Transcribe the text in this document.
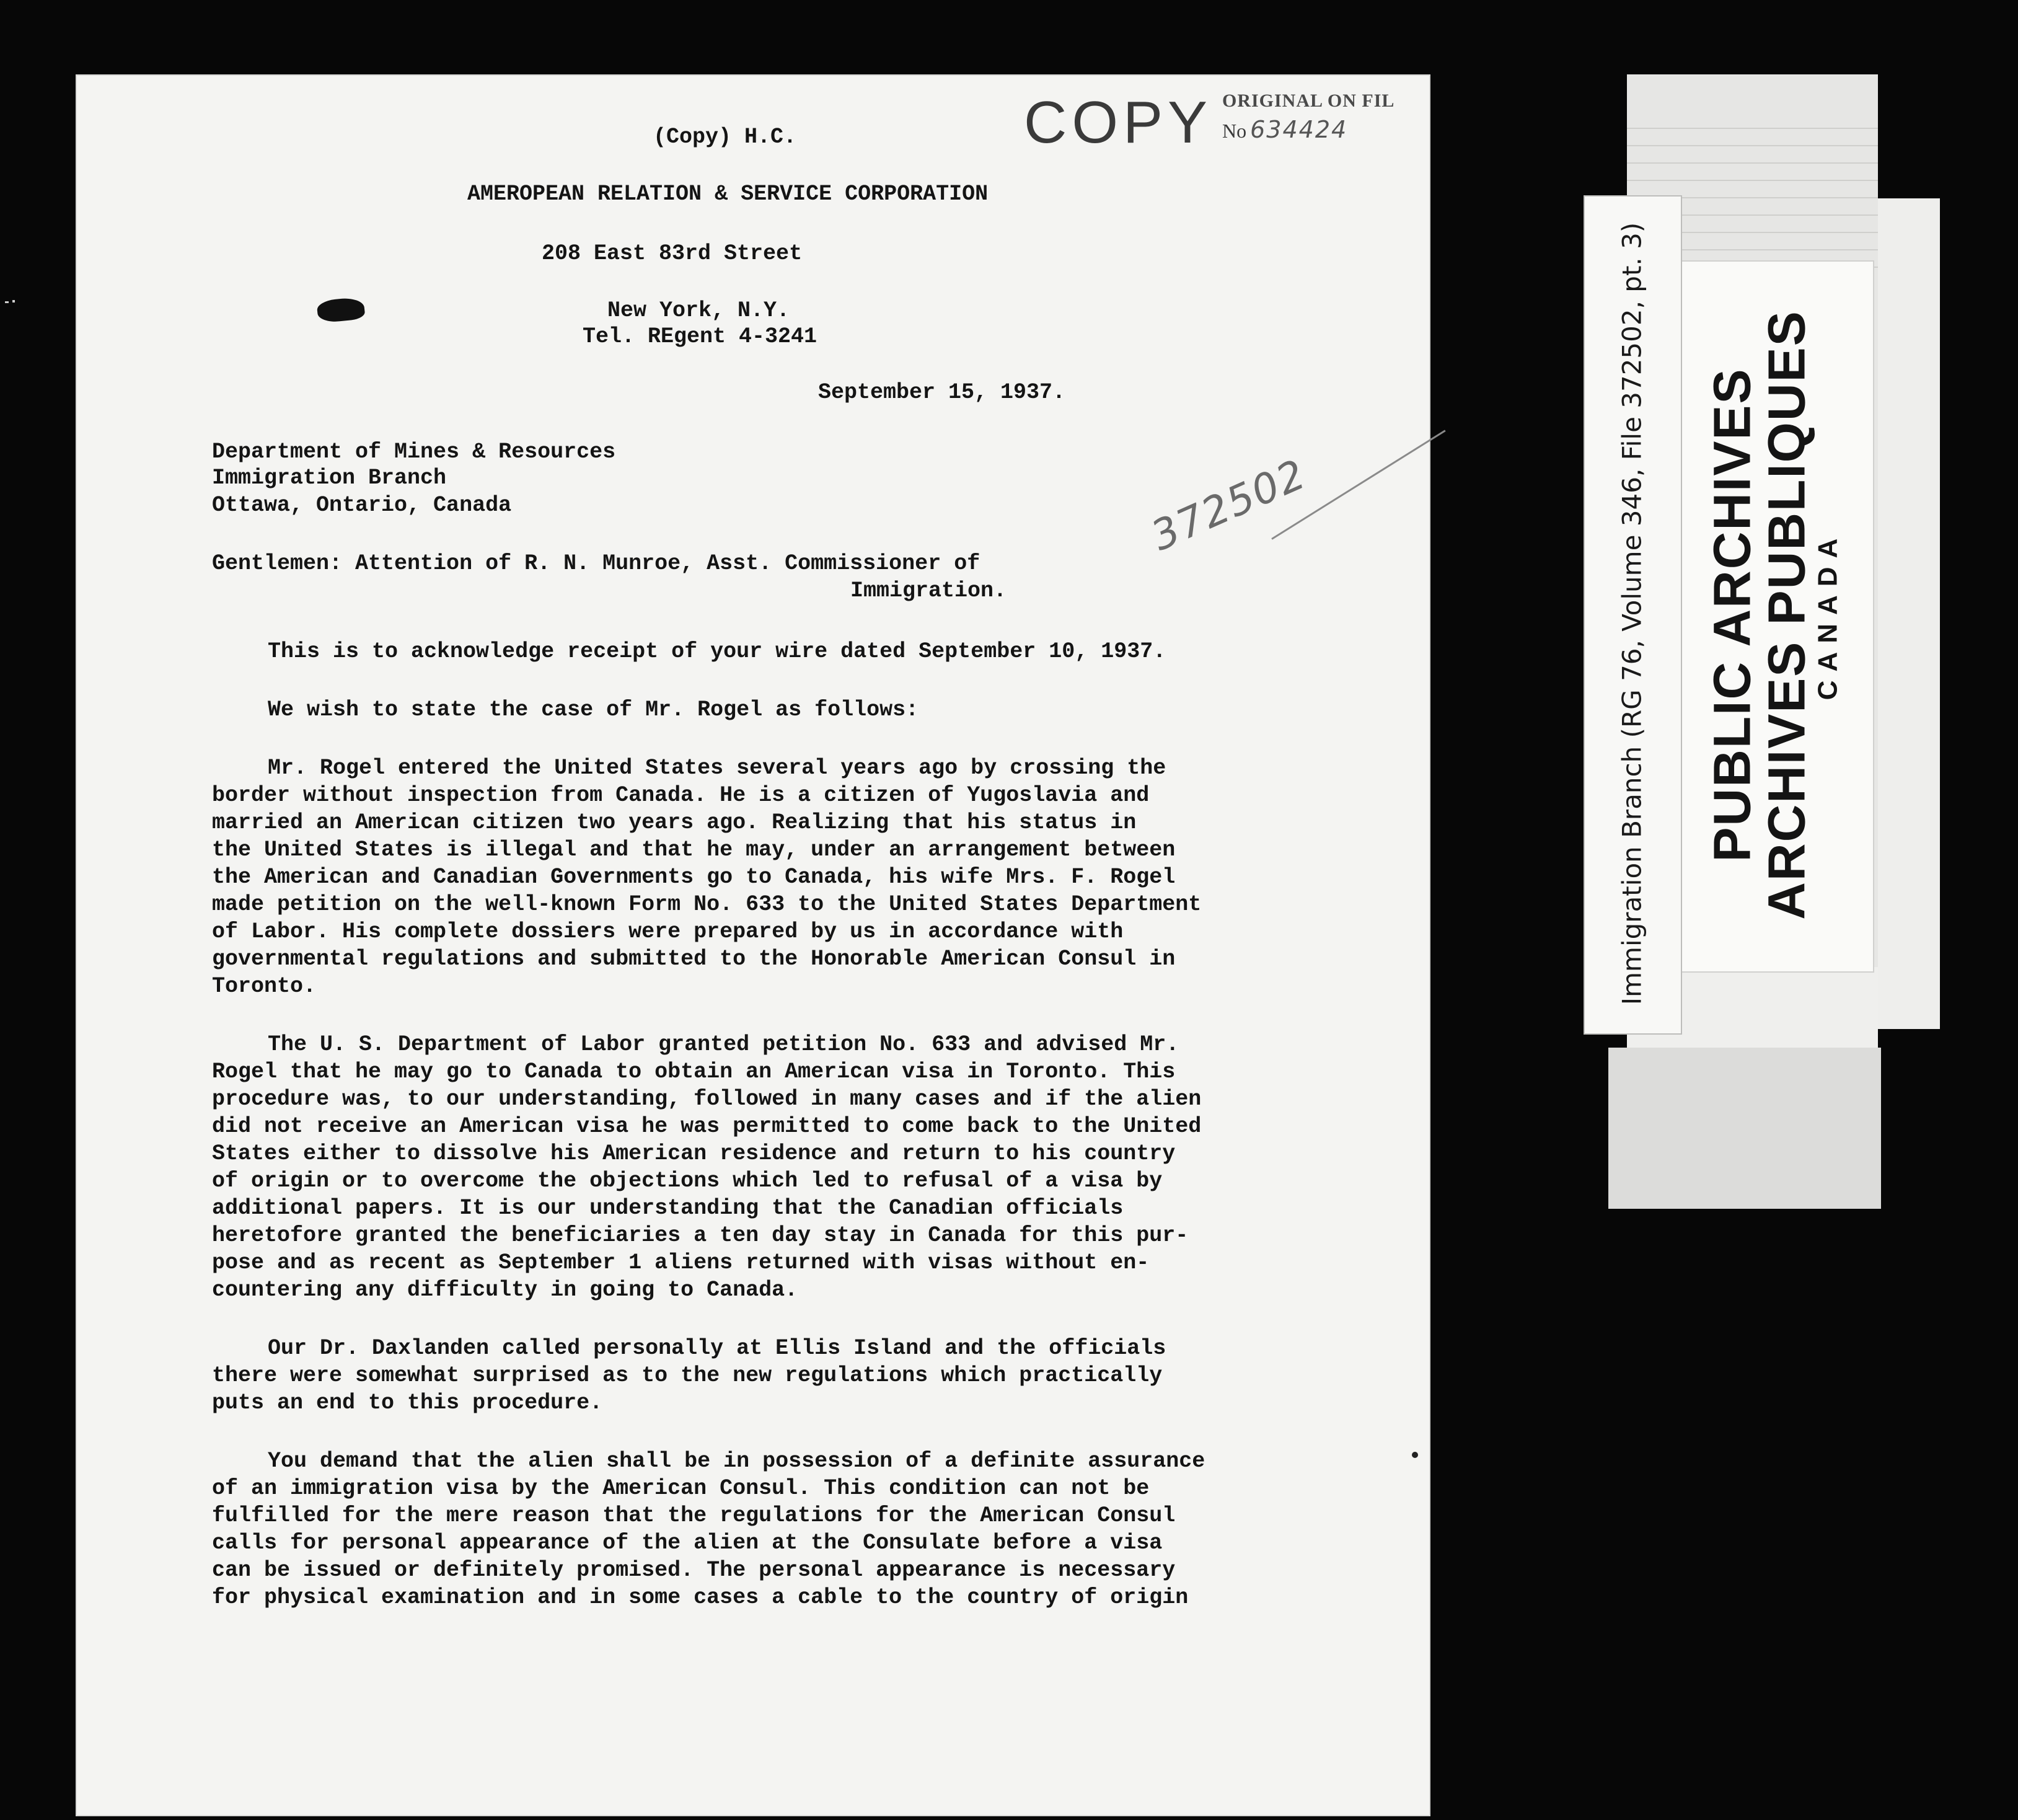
COPY ORIGINAL ON FIL
No 634424
372502

(Copy) H.C.

AMEROPEAN RELATION & SERVICE CORPORATION

208 East 83rd Street

New York, N.Y.

Tel. REgent 4-3241

September 15, 1937.

Department of Mines & Resources

Immigration Branch

Ottawa, Ontario, Canada

Gentlemen: Attention of R. N. Munroe, Asst. Commissioner of

Immigration.

This is to acknowledge receipt of your wire dated September 10, 1937.

We wish to state the case of Mr. Rogel as follows:

Mr. Rogel entered the United States several years ago by crossing the

border without inspection from Canada. He is a citizen of Yugoslavia and

married an American citizen two years ago. Realizing that his status in

the United States is illegal and that he may, under an arrangement between

the American and Canadian Governments go to Canada, his wife Mrs. F. Rogel

made petition on the well-known Form No. 633 to the United States Department

of Labor. His complete dossiers were prepared by us in accordance with

governmental regulations and submitted to the Honorable American Consul in

Toronto.

The U. S. Department of Labor granted petition No. 633 and advised Mr.

Rogel that he may go to Canada to obtain an American visa in Toronto. This

procedure was, to our understanding, followed in many cases and if the alien

did not receive an American visa he was permitted to come back to the United

States either to dissolve his American residence and return to his country

of origin or to overcome the objections which led to refusal of a visa by

additional papers. It is our understanding that the Canadian officials

heretofore granted the beneficiaries a ten day stay in Canada for this pur-

pose and as recent as September 1 aliens returned with visas without en-

countering any difficulty in going to Canada.

Our Dr. Daxlanden called personally at Ellis Island and the officials

there were somewhat surprised as to the new regulations which practically

puts an end to this procedure.

You demand that the alien shall be in possession of a definite assurance

of an immigration visa by the American Consul. This condition can not be

fulfilled for the mere reason that the regulations for the American Consul

calls for personal appearance of the alien at the Consulate before a visa

can be issued or definitely promised. The personal appearance is necessary

for physical examination and in some cases a cable to the country of origin

PUBLIC ARCHIVES
ARCHIVES PUBLIQUES
CANADA
Immigration Branch (RG 76, Volume 346, File 372502, pt. 3)
